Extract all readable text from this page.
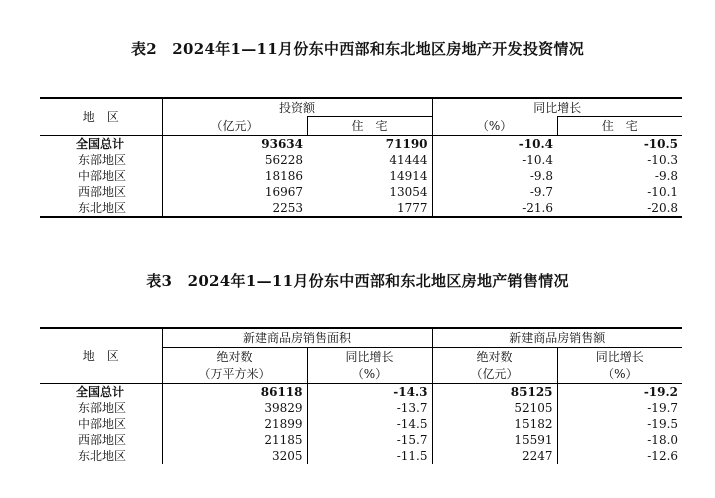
表2　2024年1—11月份东中西部和东北地区房地产开发投资情况
地　区	投资额		同比增长	
	（亿元）	住　宅	（%）	住　宅
全国总计	93634	71190	-10.4	-10.5
东部地区	56228	41444	-10.4	-10.3
中部地区	18186	14914	-9.8	-9.8
西部地区	16967	13054	-9.7	-10.1
东北地区	2253	1777	-21.6	-20.8
表3　2024年1—11月份东中西部和东北地区房地产销售情况
地　区	新建商品房销售面积		新建商品房销售额	
	绝对数	同比增长	绝对数	同比增长
	（万平方米）	（%）	（亿元）	（%）
全国总计	86118	-14.3	85125	-19.2
东部地区	39829	-13.7	52105	-19.7
中部地区	21899	-14.5	15182	-19.5
西部地区	21185	-15.7	15591	-18.0
东北地区	3205	-11.5	2247	-12.6
